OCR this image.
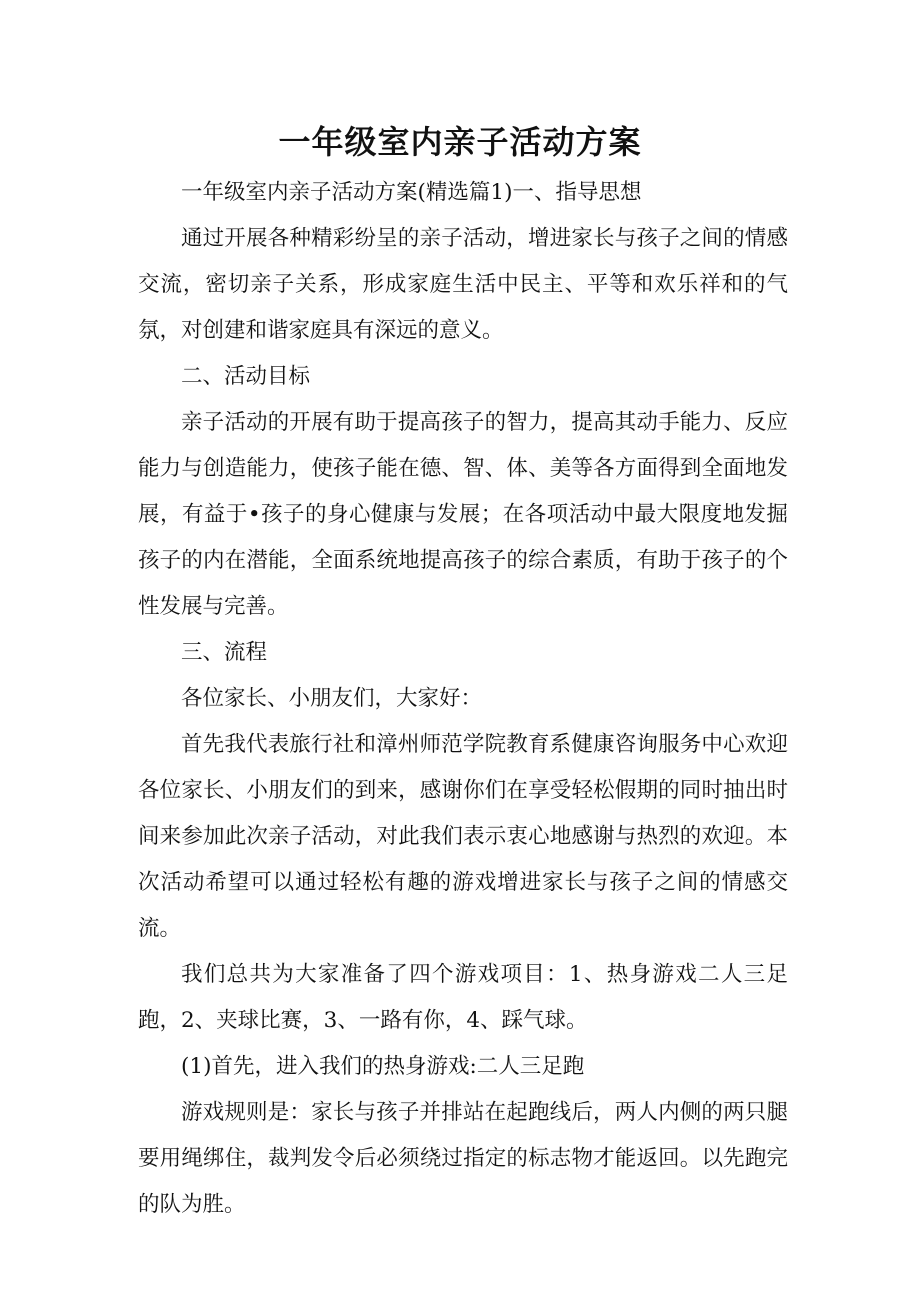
一年级室内亲子活动方案

一年级室内亲子活动方案(精选篇1)一、指导思想

通过开展各种精彩纷呈的亲子活动，增进家长与孩子之间的情感交流，密切亲子关系，形成家庭生活中民主、平等和欢乐祥和的气氛，对创建和谐家庭具有深远的意义。

二、活动目标

亲子活动的开展有助于提高孩子的智力，提高其动手能力、反应能力与创造能力，使孩子能在德、智、体、美等各方面得到全面地发展，有益于•孩子的身心健康与发展；在各项活动中最大限度地发掘孩子的内在潜能，全面系统地提高孩子的综合素质，有助于孩子的个性发展与完善。

三、流程

各位家长、小朋友们，大家好：

首先我代表旅行社和漳州师范学院教育系健康咨询服务中心欢迎各位家长、小朋友们的到来，感谢你们在享受轻松假期的同时抽出时间来参加此次亲子活动，对此我们表示衷心地感谢与热烈的欢迎。本次活动希望可以通过轻松有趣的游戏增进家长与孩子之间的情感交流。

我们总共为大家准备了四个游戏项目：1、热身游戏二人三足跑，2、夹球比赛，3、一路有你，4、踩气球。

(1)首先，进入我们的热身游戏:二人三足跑

游戏规则是：家长与孩子并排站在起跑线后，两人内侧的两只腿要用绳绑住，裁判发令后必须绕过指定的标志物才能返回。以先跑完的队为胜。
